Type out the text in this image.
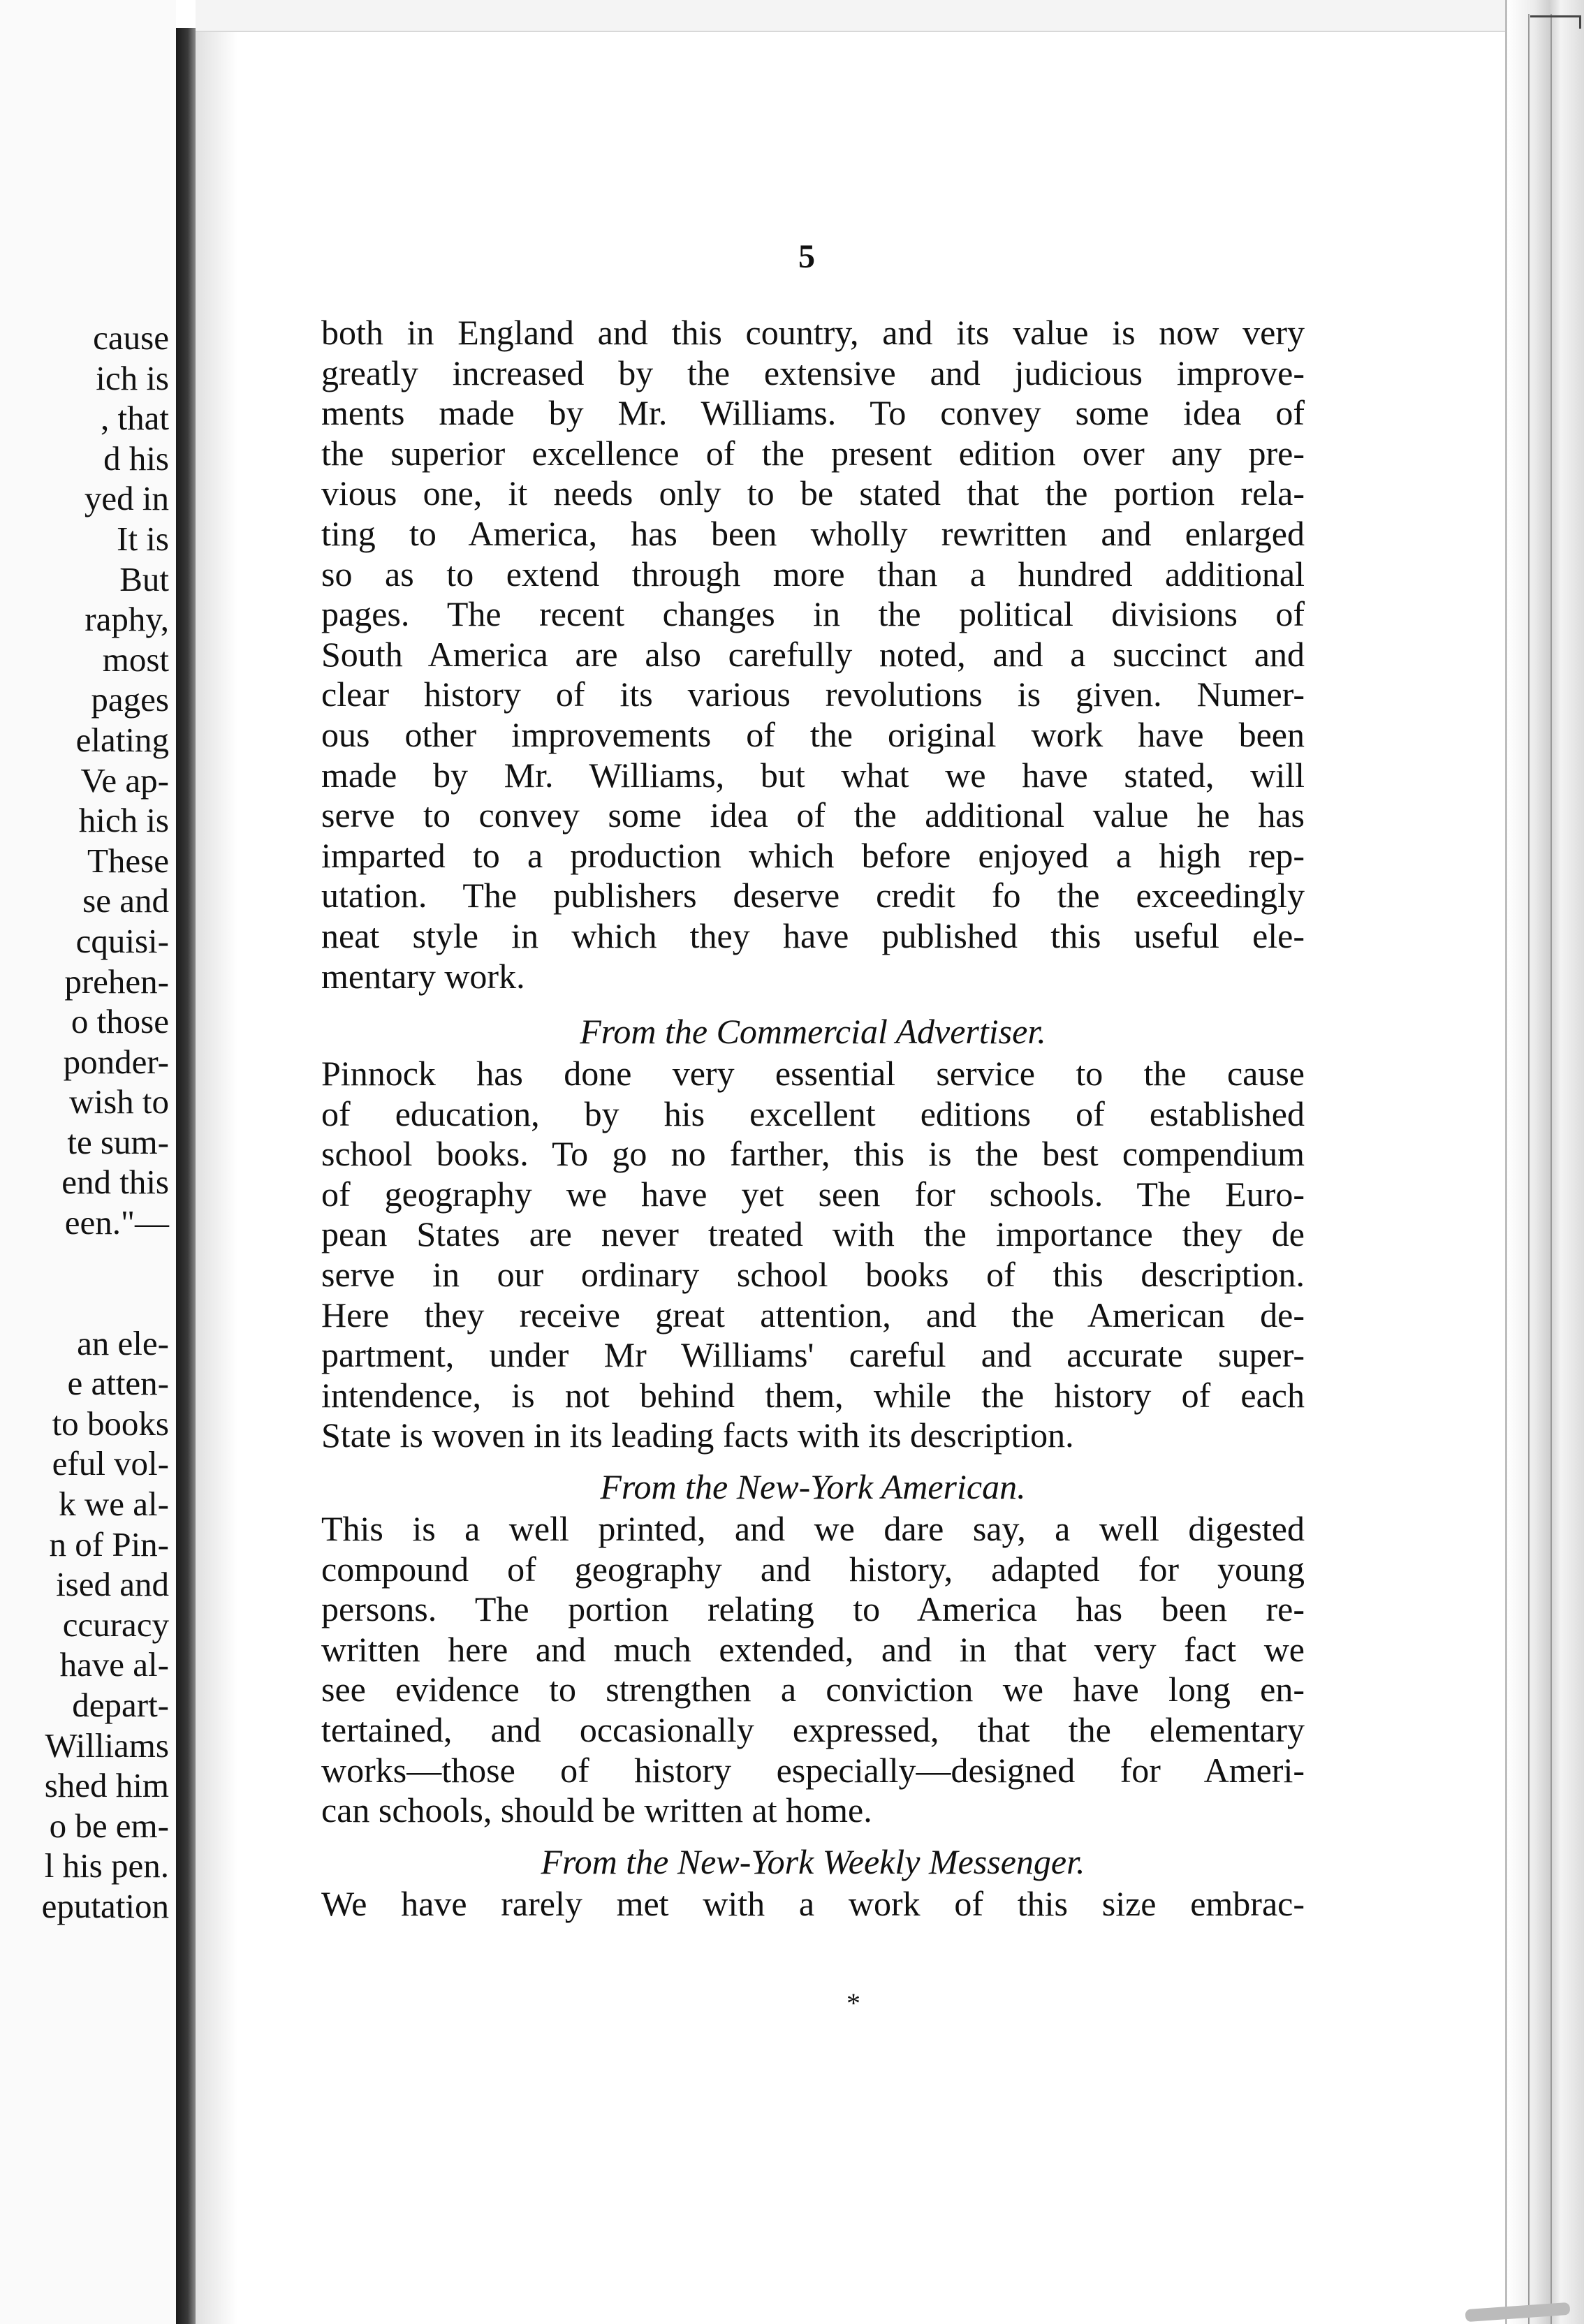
cause
ich is
, that
d his
yed in
It is
But
raphy,
most
pages
elating
Ve ap-
hich is
These
se and
cquisi-
prehen-
o those
ponder-
wish to
te sum-
end this
een."—
an ele-
e atten-
to books
eful vol-
k we al-
n of Pin-
ised and
ccuracy
have al-
depart-
Williams
shed him
o be em-
l his pen.
eputation
5
both in England and this country, and its value is now very
greatly increased by the extensive and judicious improve-
ments made by Mr. Williams. To convey some idea of
the superior excellence of the present edition over any pre-
vious one, it needs only to be stated that the portion rela-
ting to America, has been wholly rewritten and enlarged
so as to extend through more than a hundred additional
pages. The recent changes in the political divisions of
South America are also carefully noted, and a succinct and
clear history of its various revolutions is given. Numer-
ous other improvements of the original work have been
made by Mr. Williams, but what we have stated, will
serve to convey some idea of the additional value he has
imparted to a production which before enjoyed a high rep-
utation. The publishers deserve credit fo the exceedingly
neat style in which they have published this useful ele-
mentary work.
From the Commercial Advertiser.
Pinnock has done very essential service to the cause
of education, by his excellent editions of established
school books. To go no farther, this is the best compendium
of geography we have yet seen for schools. The Euro-
pean States are never treated with the importance they de
serve in our ordinary school books of this description.
Here they receive great attention, and the American de-
partment, under Mr Williams' careful and accurate super-
intendence, is not behind them, while the history of each
State is woven in its leading facts with its description.
From the New-York American.
This is a well printed, and we dare say, a well digested
compound of geography and history, adapted for young
persons. The portion relating to America has been re-
written here and much extended, and in that very fact we
see evidence to strengthen a conviction we have long en-
tertained, and occasionally expressed, that the elementary
works—those of history especially—designed for Ameri-
can schools, should be written at home.
From the New-York Weekly Messenger.
We have rarely met with a work of this size embrac-
*
